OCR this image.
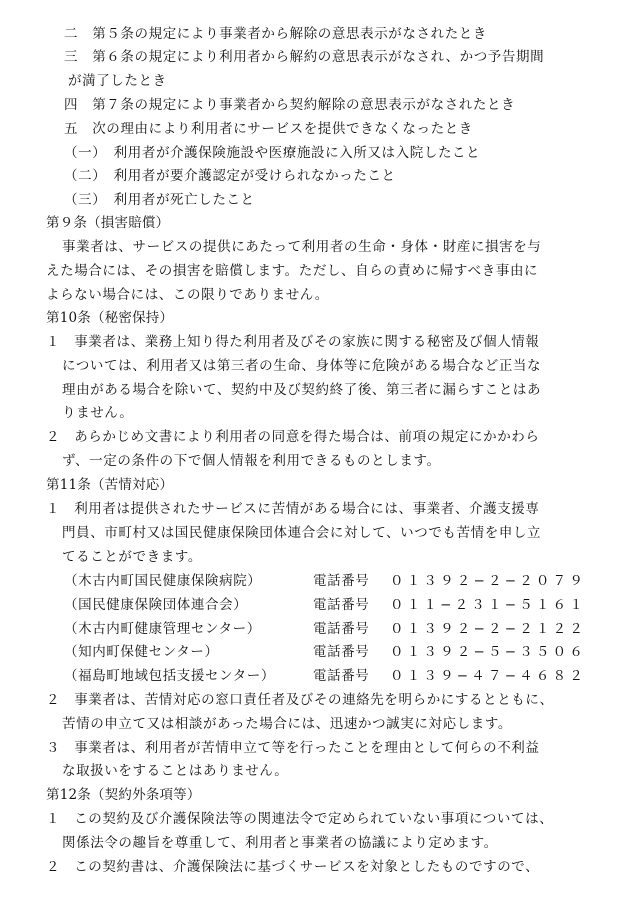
二　第５条の規定により事業者から解除の意思表示がなされたとき
三　第６条の規定により利用者から解約の意思表示がなされ、かつ予告期間
が満了したとき
四　第７条の規定により事業者から契約解除の意思表示がなされたとき
五　次の理由により利用者にサービスを提供できなくなったとき
（一）　利用者が介護保険施設や医療施設に入所又は入院したこと
（二）　利用者が要介護認定が受けられなかったこと
（三）　利用者が死亡したこと
第９条（損害賠償）
事業者は、サービスの提供にあたって利用者の生命・身体・財産に損害を与
えた場合には、その損害を賠償します。ただし、自らの責めに帰すべき事由に
よらない場合には、この限りでありません。
第10条（秘密保持）
１　事業者は、業務上知り得た利用者及びその家族に関する秘密及び個人情報
については、利用者又は第三者の生命、身体等に危険がある場合など正当な
理由がある場合を除いて、契約中及び契約終了後、第三者に漏らすことはあ
りません。
２　あらかじめ文書により利用者の同意を得た場合は、前項の規定にかかわら
ず、一定の条件の下で個人情報を利用できるものとします。
第11条（苦情対応）
１　利用者は提供されたサービスに苦情がある場合には、事業者、介護支援専
門員、市町村又は国民健康保険団体連合会に対して、いつでも苦情を申し立
てることができます。
（木古内町国民健康保険病院）	電話番号 ０１３９２−２−２０７９
（国民健康保険団体連合会）	電話番号 ０１１−２３１−５１６１
（木古内町健康管理センター）	電話番号 ０１３９２−２−２１２２
（知内町保健センター）	電話番号 ０１３９２−５−３５０６
（福島町地域包括支援センター）	電話番号 ０１３９−４７−４６８２
２　事業者は、苦情対応の窓口責任者及びその連絡先を明らかにするとともに、
苦情の申立て又は相談があった場合には、迅速かつ誠実に対応します。
３　事業者は、利用者が苦情申立て等を行ったことを理由として何らの不利益
な取扱いをすることはありません。
第12条（契約外条項等）
１　この契約及び介護保険法等の関連法令で定められていない事項については、
関係法令の趣旨を尊重して、利用者と事業者の協議により定めます。
２　この契約書は、介護保険法に基づくサービスを対象としたものですので、
